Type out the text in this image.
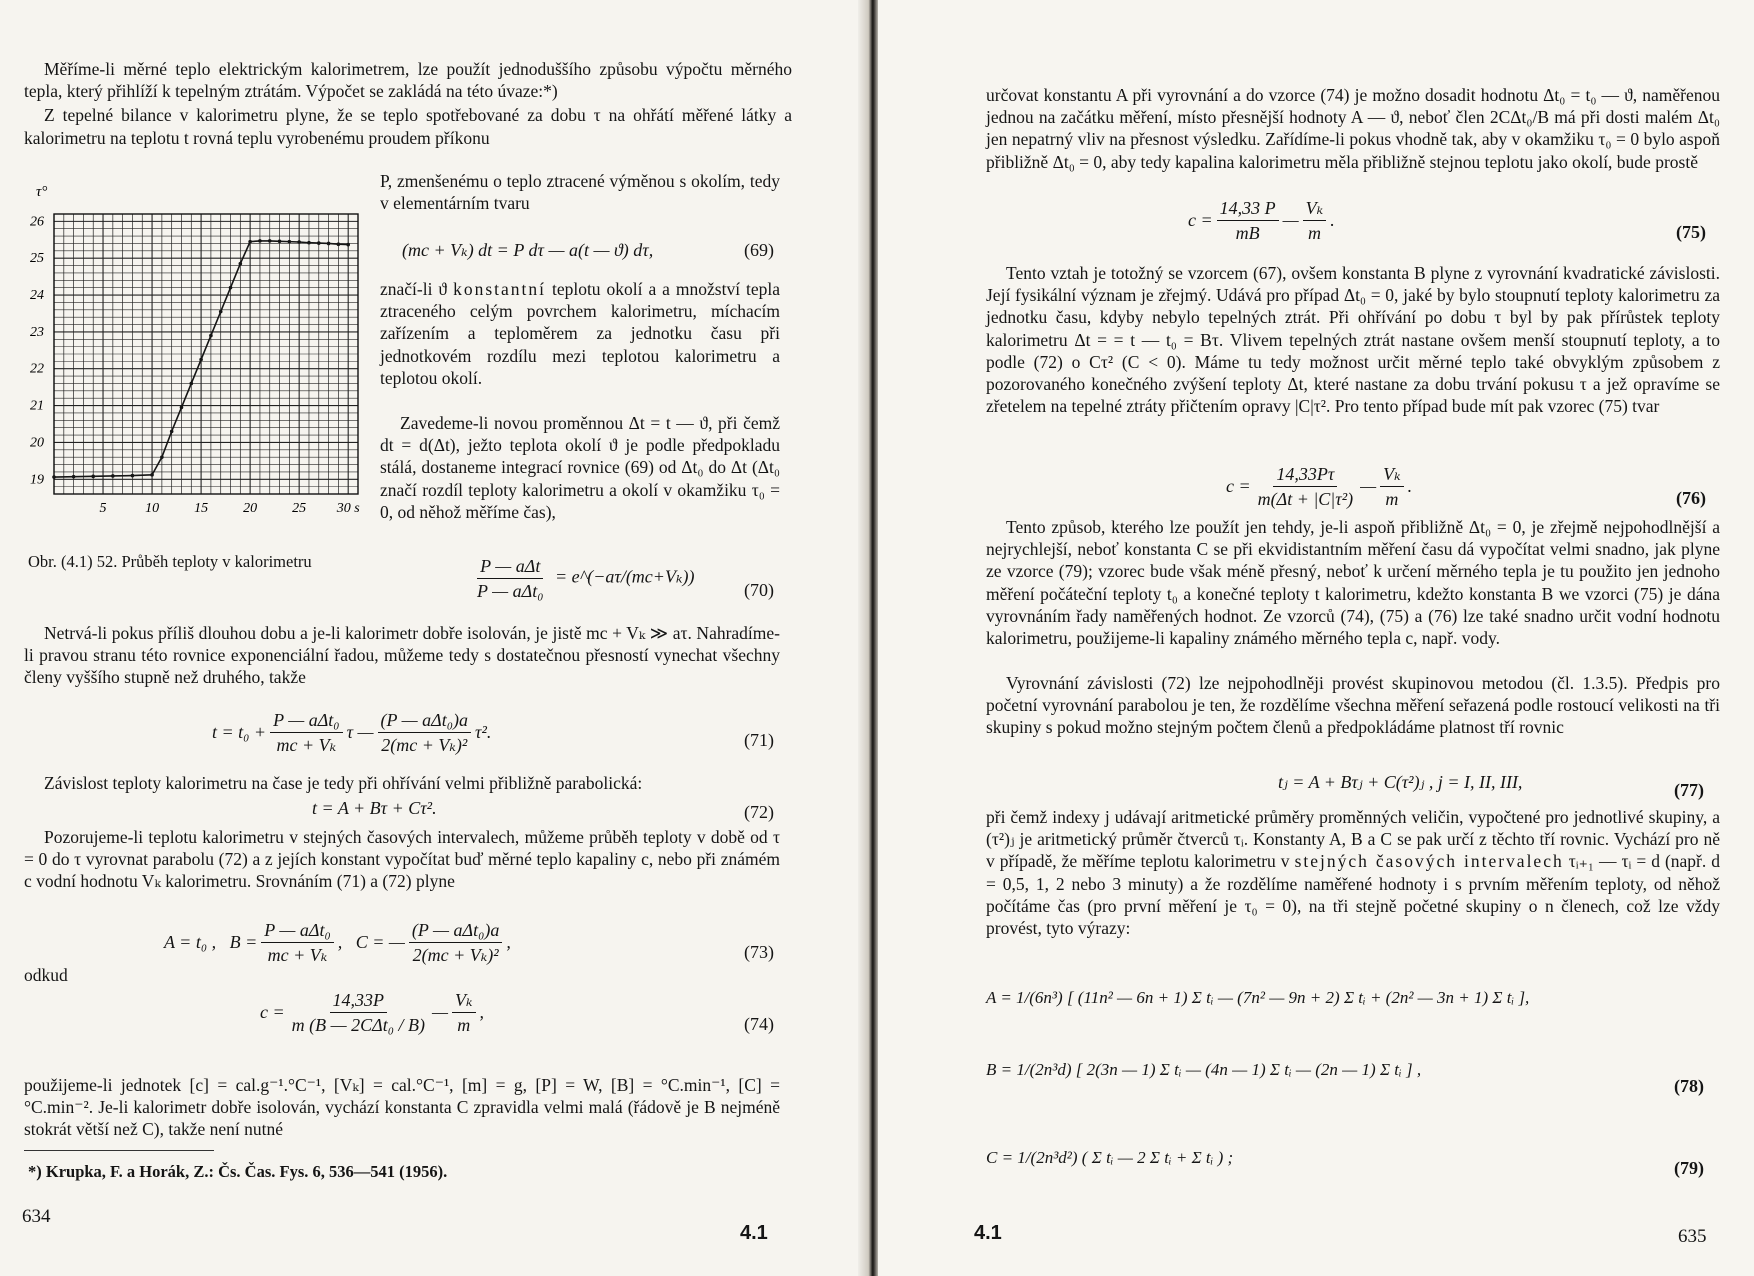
Měříme-li měrné teplo elektrickým kalorimetrem, lze použít jednoduššího způsobu výpočtu měrného tepla, který přihlíží k tepelným ztrátám. Výpočet se zakládá na této úvaze:*)

Z tepelné bilance v kalorimetru plyne, že se teplo spotřebované za dobu τ na ohřátí měřené látky a kalorimetru na teplotu t rovná teplu vyrobenému proudem příkonu

P, zmenšenému o teplo ztracené výměnou s okolím, tedy v elementárním tvaru
(mc + Vₖ) dt = P dτ — a(t — ϑ) dτ,	(69)
značí-li ϑ konstantní teplotu okolí a a množství tepla ztraceného celým povrchem kalorimetru, míchacím zařízením a teploměrem za jednotku času při jednotkovém rozdílu mezi teplotou kalorimetru a teplotou okolí.
Zavedeme-li novou proměnnou Δt = t — ϑ, při čemž dt = d(Δt), ježto teplota okolí ϑ je podle předpokladu stálá, dostaneme integrací rovnice (69) od Δt₀ do Δt (Δt₀ značí rozdíl teploty kalorimetru a okolí v okamžiku τ₀ = 0, od něhož měříme čas),
26
25
24
23
22
21
20
19
5	10	15	20	25 30 s
τ°
Obr. (4.1) 52. Průběh teploty v kalorimetru	$\frac{\text{P — aΔt}}{\text{P — aΔt₀}}$ = e^(−aτ/(mc+Vₖ))
(70)
Netrvá-li pokus příliš dlouhou dobu a je-li kalorimetr dobře isolován, je jistě mc + Vₖ ≫ aτ. Nahradíme-li pravou stranu této rovnice exponenciální řadou, můžeme tedy s dostatečnou přesností vynechat všechny členy vyššího stupně než druhého, takže
$t = t_0 + \frac{\text{P — aΔt₀}}{\text{mc + Vₖ}}$ τ — $\frac{\text{(P — aΔt₀)a}}{\text{2(mc + Vₖ)²}} \tau^2$.	(71)
Závislost teploty kalorimetru na čase je tedy při ohřívání velmi přibližně parabolická:
t = A + Bτ + Cτ².	(72)
Pozorujeme-li teplotu kalorimetru v stejných časových intervalech, můžeme průběh teploty v době od τ = 0 do τ vyrovnat parabolu (72) a z jejích konstant vypočítat buď měrné teplo kapaliny c, nebo při známém c vodní hodnotu Vₖ kalorimetru. Srovnáním (71) a (72) plyne
A = t₀ ,   $B = \frac{\text{P — aΔt₀}}{\text{mc + Vₖ}}$ ,   C = — $\frac{\text{(P — aΔt₀)a}}{\text{2(mc + Vₖ)²}}$ ,	(73)
odkud
$c = \frac{14,33P}{\text{m (B — 2CΔt₀ / B)}}$ — $\frac{\text{Vₖ}}{m}$ ,
(74)
použijeme-li jednotek [c] = cal.g⁻¹.°C⁻¹, [Vₖ] = cal.°C⁻¹, [m] = g, [P] = W, [B] = °C.min⁻¹, [C] = °C.min⁻². Je-li kalorimetr dobře isolován, vychází konstanta C zpravidla velmi malá (řádově je B nejméně stokrát větší než C), takže není nutné
*) Krupka, F. a Horák, Z.: Čs. Čas. Fys. 6, 536—541 (1956).
634
4.1
určovat konstantu A při vyrovnání a do vzorce (74) je možno dosadit hodnotu Δt₀ = t₀ — ϑ, naměřenou jednou na začátku měření, místo přesnější hodnoty A — ϑ, neboť člen 2CΔt₀/B má při dosti malém Δt₀ jen nepatrný vliv na přesnost výsledku. Zařídíme-li pokus vhodně tak, aby v okamžiku τ₀ = 0 bylo aspoň přibližně Δt₀ = 0, aby tedy kapalina kalorimetru měla přibližně stejnou teplotu jako okolí, bude prostě
$c = \frac{14,33 P}{mB}$ — $\frac{\text{Vₖ}}{m}$ .
(75)
Tento vztah je totožný se vzorcem (67), ovšem konstanta B plyne z vyrovnání kvadratické závislosti. Její fysikální význam je zřejmý. Udává pro případ Δt₀ = 0, jaké by bylo stoupnutí teploty kalorimetru za jednotku času, kdyby nebylo tepelných ztrát. Při ohřívání po dobu τ byl by pak přírůstek teploty kalorimetru Δt = = t — t₀ = Bτ. Vlivem tepelných ztrát nastane ovšem menší stoupnutí teploty, a to podle (72) o Cτ² (C < 0). Máme tu tedy možnost určit měrné teplo také obvyklým způsobem z pozorovaného konečného zvýšení teploty Δt, které nastane za dobu trvání pokusu τ a jež opravíme se zřetelem na tepelné ztráty přičtením opravy |C|τ². Pro tento případ bude mít pak vzorec (75) tvar
$c = \frac{14,33P\tau}{\text{m(Δt + |C|τ²)}}$ — $\frac{\text{Vₖ}}{m}$ .
(76)
Tento způsob, kterého lze použít jen tehdy, je-li aspoň přibližně Δt₀ = 0, je zřejmě nejpohodlnější a nejrychlejší, neboť konstanta C se při ekvidistantním měření času dá vypočítat velmi snadno, jak plyne ze vzorce (79); vzorec bude však méně přesný, neboť k určení měrného tepla je tu použito jen jednoho měření počáteční teploty t₀ a konečné teploty t kalorimetru, kdežto konstanta B we vzorci (75) je dána vyrovnáním řady naměřených hodnot. Ze vzorců (74), (75) a (76) lze také snadno určit vodní hodnotu kalorimetru, použijeme-li kapaliny známého měrného tepla c, např. vody.
Vyrovnání závislosti (72) lze nejpohodlněji provést skupinovou metodou (čl. 1.3.5). Předpis pro početní vyrovnání parabolou je ten, že rozdělíme všechna měření seřazená podle rostoucí velikosti na tři skupiny s pokud možno stejným počtem členů a předpokládáme platnost tří rovnic
tⱼ = A + Bτⱼ + C(τ²)ⱼ , j = I, II, III,	(77)
při čemž indexy j udávají aritmetické průměry proměnných veličin, vypočtené pro jednotlivé skupiny, a (τ²)ⱼ je aritmetický průměr čtverců τᵢ. Konstanty A, B a C se pak určí z těchto tří rovnic. Vychází pro ně v případě, že měříme teplotu kalorimetru v stejných časových intervalech τᵢ₊₁ — τᵢ = d (např. d = 0,5, 1, 2 nebo 3 minuty) a že rozdělíme naměřené hodnoty i s prvním měřením teploty, od něhož počítáme čas (pro první měření je τ₀ = 0), na tři stejně početné skupiny o n členech, což lze vždy provést, tyto výrazy:
A = 1/(6n³) [ (11n² — 6n + 1) Σ tᵢ — (7n² — 9n + 2) Σ tᵢ + (2n² — 3n + 1) Σ tᵢ ],
B = 1/(2n³d) [ 2(3n — 1) Σ tᵢ — (4n — 1) Σ tᵢ — (2n — 1) Σ tᵢ ] ,
(78)
C = 1/(2n³d²) ( Σ tᵢ — 2 Σ tᵢ + Σ tᵢ ) ;
(79)
4.1	635
